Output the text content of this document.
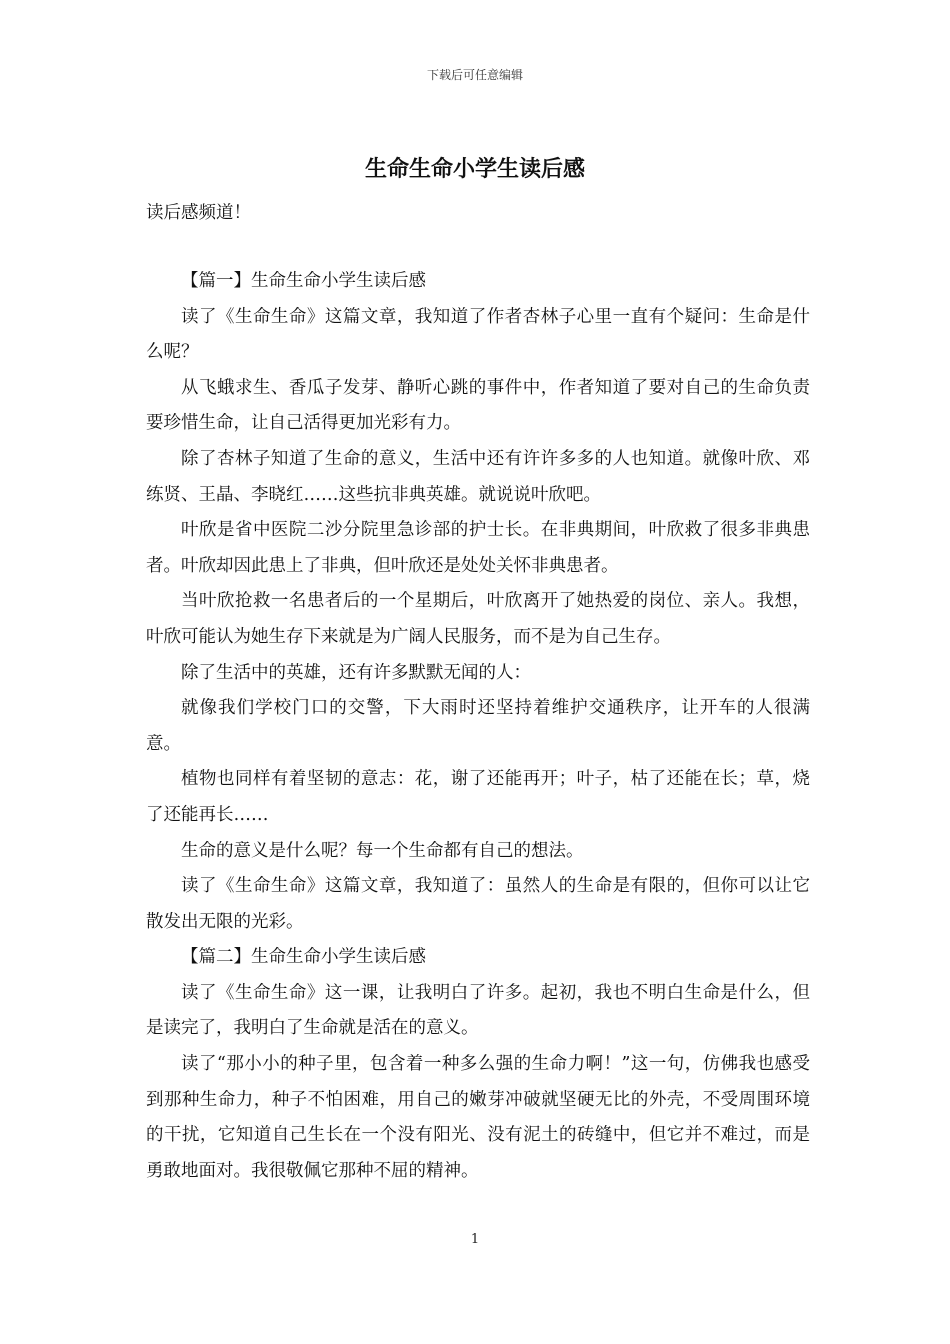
下载后可任意编辑
生命生命小学生读后感
读后感频道！

【篇一】生命生命小学生读后感

读了《生命生命》这篇文章，我知道了作者杏林子心里一直有个疑问：生命是什么呢？

从飞蛾求生、香瓜子发芽、静听心跳的事件中，作者知道了要对自己的生命负责要珍惜生命，让自己活得更加光彩有力。

除了杏林子知道了生命的意义，生活中还有许许多多的人也知道。就像叶欣、邓练贤、王晶、李晓红……这些抗非典英雄。就说说叶欣吧。

叶欣是省中医院二沙分院里急诊部的护士长。在非典期间，叶欣救了很多非典患者。叶欣却因此患上了非典，但叶欣还是处处关怀非典患者。

当叶欣抢救一名患者后的一个星期后，叶欣离开了她热爱的岗位、亲人。我想，叶欣可能认为她生存下来就是为广阔人民服务，而不是为自己生存。

除了生活中的英雄，还有许多默默无闻的人：

就像我们学校门口的交警，下大雨时还坚持着维护交通秩序，让开车的人很满意。

植物也同样有着坚韧的意志：花，谢了还能再开；叶子，枯了还能在长；草，烧了还能再长……

生命的意义是什么呢？每一个生命都有自己的想法。

读了《生命生命》这篇文章，我知道了：虽然人的生命是有限的，但你可以让它散发出无限的光彩。

【篇二】生命生命小学生读后感

读了《生命生命》这一课，让我明白了许多。起初，我也不明白生命是什么，但是读完了，我明白了生命就是活在的意义。

读了“那小小的种子里，包含着一种多么强的生命力啊！”这一句，仿佛我也感受到那种生命力，种子不怕困难，用自己的嫩芽冲破就坚硬无比的外壳，不受周围环境的干扰，它知道自己生长在一个没有阳光、没有泥土的砖缝中，但它并不难过，而是勇敢地面对。我很敬佩它那种不屈的精神。

1
